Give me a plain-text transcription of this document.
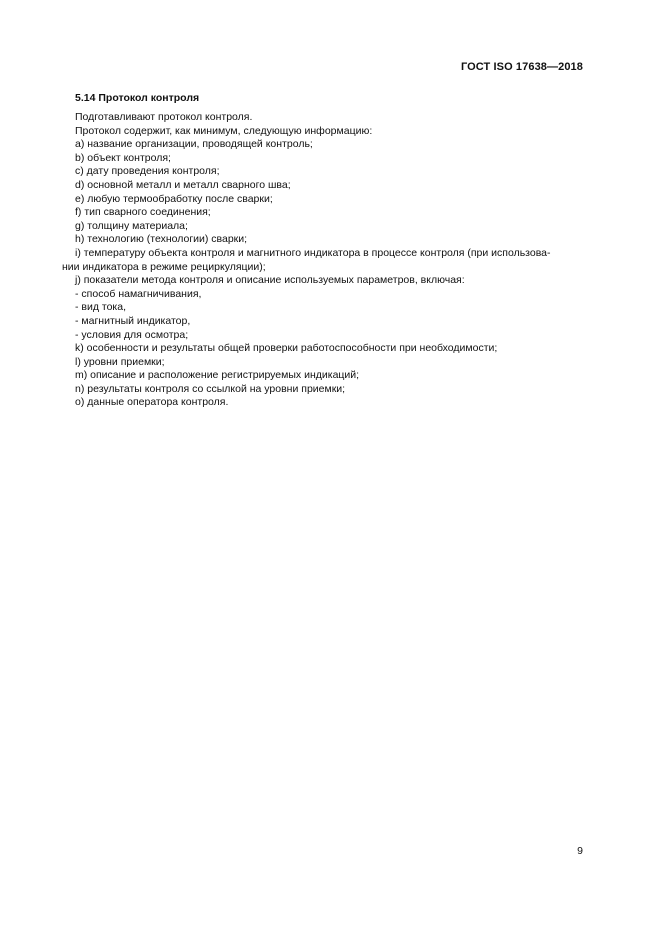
ГОСТ ISO 17638—2018
5.14 Протокол контроля
Подготавливают протокол контроля.
Протокол содержит, как минимум, следующую информацию:
a) название организации, проводящей контроль;
b) объект контроля;
c) дату проведения контроля;
d) основной металл и металл сварного шва;
e) любую термообработку после сварки;
f) тип сварного соединения;
g) толщину материала;
h) технологию (технологии) сварки;
i) температуру объекта контроля и магнитного индикатора в процессе контроля (при использова-
нии индикатора в режиме рециркуляции);
j) показатели метода контроля и описание используемых параметров, включая:
- способ намагничивания,
- вид тока,
- магнитный индикатор,
- условия для осмотра;
k) особенности и результаты общей проверки работоспособности при необходимости;
l) уровни приемки;
m) описание и расположение регистрируемых индикаций;
n) результаты контроля со ссылкой на уровни приемки;
o) данные оператора контроля.
9
